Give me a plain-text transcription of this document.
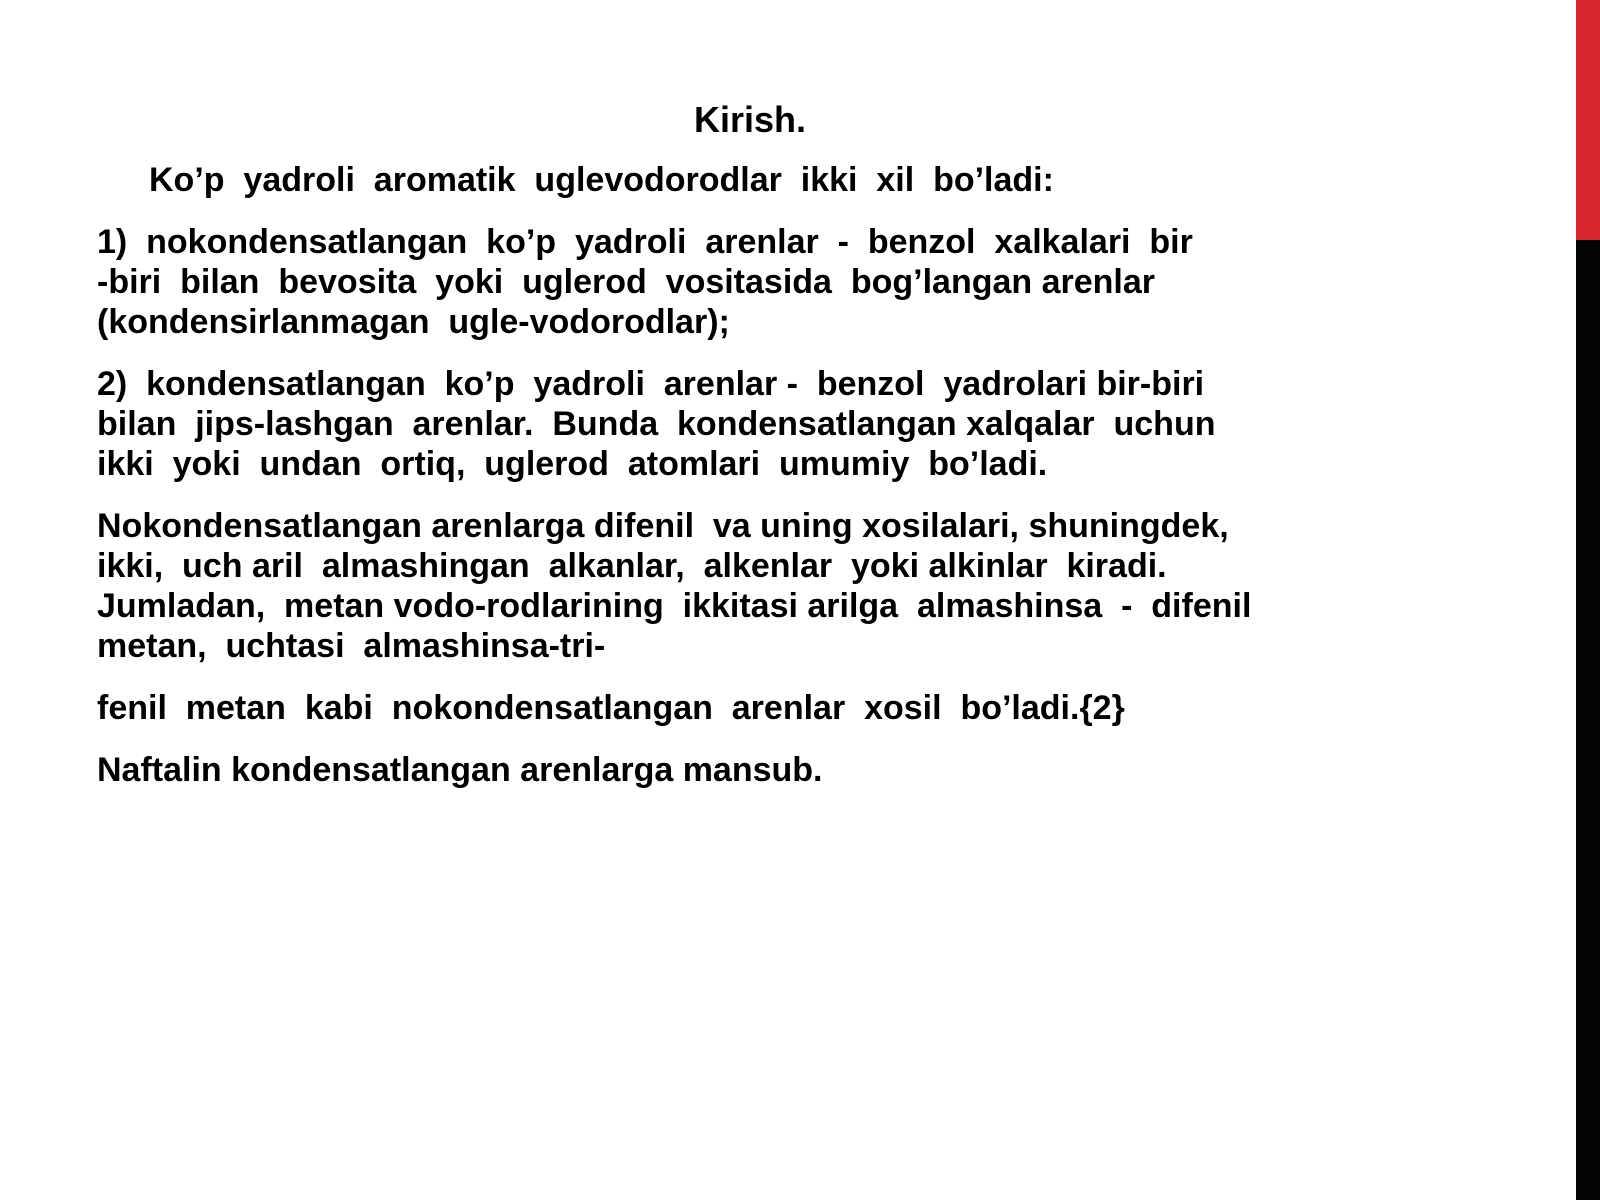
Kirish.
Ko’p  yadroli  aromatik  uglevodorodlar  ikki  xil  bo’ladi:
1)  nokondensatlangan  ko’p  yadroli  arenlar  -  benzol  xalkalari  bir
-biri  bilan  bevosita  yoki  uglerod  vositasida  bog’langan arenlar
(kondensirlanmagan  ugle-vodorodlar);
2)  kondensatlangan  ko’p  yadroli  arenlar -  benzol  yadrolari bir-biri
bilan  jips-lashgan  arenlar.  Bunda  kondensatlangan xalqalar  uchun
ikki  yoki  undan  ortiq,  uglerod  atomlari  umumiy  bo’ladi.
Nokondensatlangan arenlarga difenil  va uning xosilalari, shuningdek,
ikki,  uch aril  almashingan  alkanlar,  alkenlar  yoki alkinlar  kiradi.
Jumladan,  metan vodo-rodlarining  ikkitasi arilga  almashinsa  -  difenil
metan,  uchtasi  almashinsa-tri-
fenil  metan  kabi  nokondensatlangan  arenlar  xosil  bo’ladi.{2}
Naftalin kondensatlangan arenlarga mansub.
